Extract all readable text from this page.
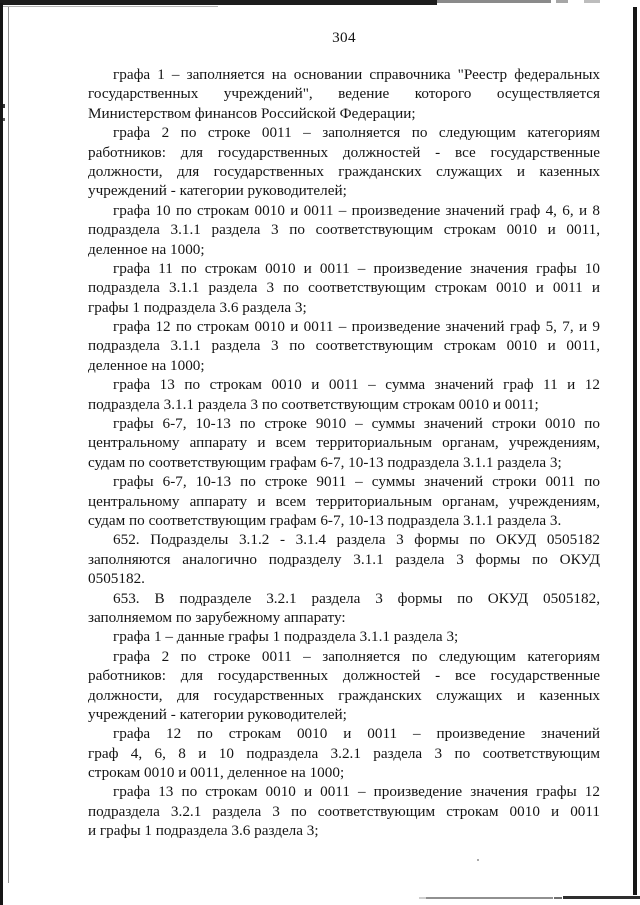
304
графа 1 – заполняется на основании справочника "Реестр федеральных
государственных учреждений", ведение которого осуществляется
Министерством финансов Российской Федерации;
графа 2 по строке 0011 – заполняется по следующим категориям
работников: для государственных должностей - все государственные
должности, для государственных гражданских служащих и казенных
учреждений - категории руководителей;
графа 10 по строкам 0010 и 0011 – произведение значений граф 4, 6, и 8
подраздела 3.1.1 раздела 3 по соответствующим строкам 0010 и 0011,
деленное на 1000;
графа 11 по строкам 0010 и 0011 – произведение значения графы 10
подраздела 3.1.1 раздела 3 по соответствующим строкам 0010 и 0011 и
графы 1 подраздела 3.6 раздела 3;
графа 12 по строкам 0010 и 0011 – произведение значений граф 5, 7, и 9
подраздела 3.1.1 раздела 3 по соответствующим строкам 0010 и 0011,
деленное на 1000;
графа 13 по строкам 0010 и 0011 – сумма значений граф 11 и 12
подраздела 3.1.1 раздела 3 по соответствующим строкам 0010 и 0011;
графы 6-7, 10-13 по строке 9010 – суммы значений строки 0010 по
центральному аппарату и всем территориальным органам, учреждениям,
судам по соответствующим графам 6-7, 10-13 подраздела 3.1.1 раздела 3;
графы 6-7, 10-13 по строке 9011 – суммы значений строки 0011 по
центральному аппарату и всем территориальным органам, учреждениям,
судам по соответствующим графам 6-7, 10-13 подраздела 3.1.1 раздела 3.
652. Подразделы 3.1.2 - 3.1.4 раздела 3 формы по ОКУД 0505182
заполняются аналогично подразделу 3.1.1 раздела 3 формы по ОКУД
0505182.
653. В подразделе 3.2.1 раздела 3 формы по ОКУД 0505182,
заполняемом по зарубежному аппарату:
графа 1 – данные графы 1 подраздела 3.1.1 раздела 3;
графа 2 по строке 0011 – заполняется по следующим категориям
работников: для государственных должностей - все государственные
должности, для государственных гражданских служащих и казенных
учреждений - категории руководителей;
графа 12 по строкам 0010 и 0011 – произведение значений
граф 4, 6, 8 и 10 подраздела 3.2.1 раздела 3 по соответствующим
строкам 0010 и 0011, деленное на 1000;
графа 13 по строкам 0010 и 0011 – произведение значения графы 12
подраздела 3.2.1 раздела 3 по соответствующим строкам 0010 и 0011
и графы 1 подраздела 3.6 раздела 3;
